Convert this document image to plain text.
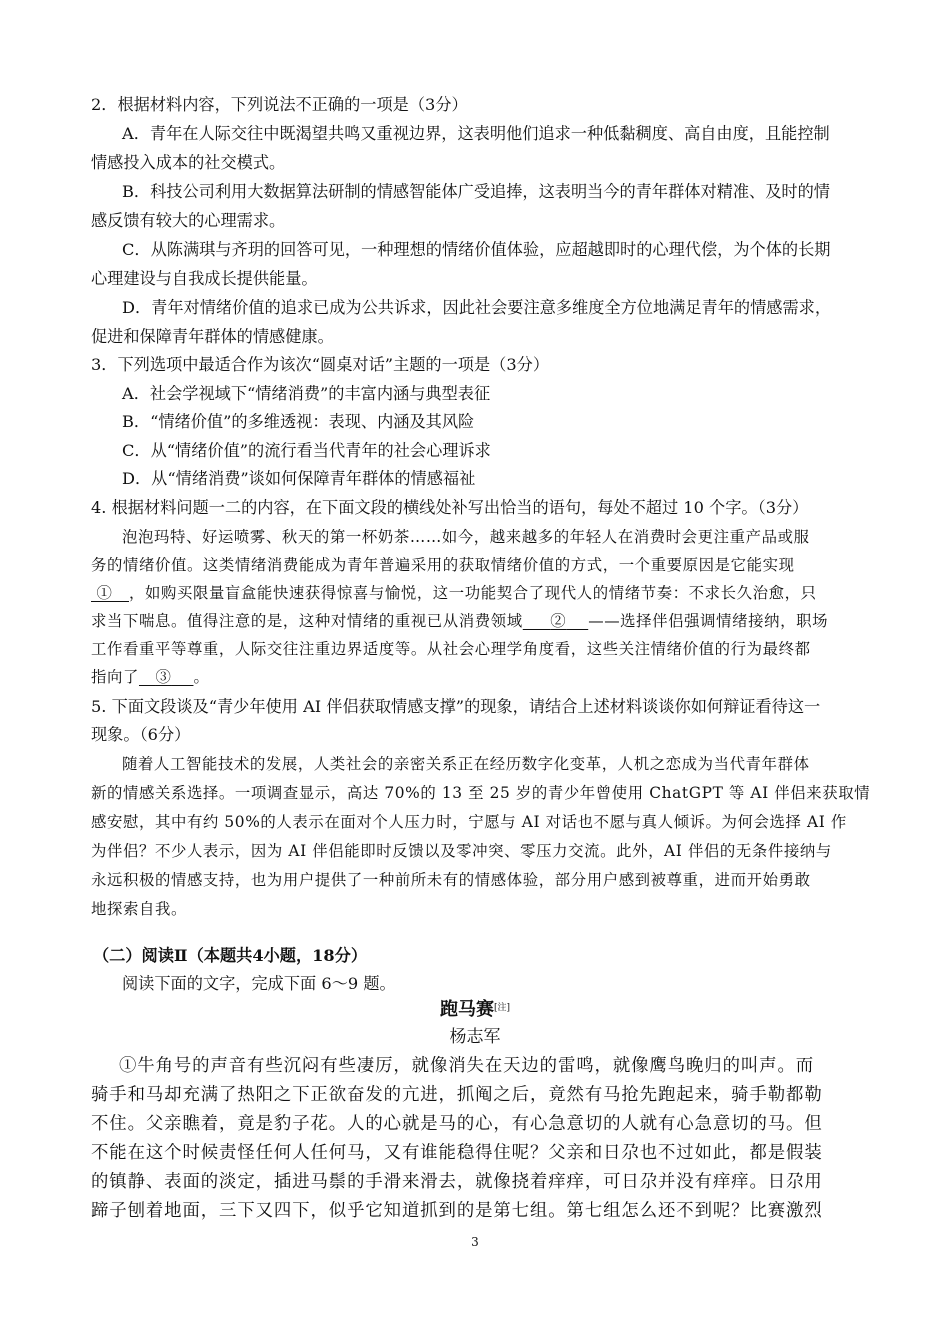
2．根据材料内容，下列说法不正确的一项是（3分）
A．青年在人际交往中既渴望共鸣又重视边界，这表明他们追求一种低黏稠度、高自由度，且能控制
情感投入成本的社交模式。
B．科技公司利用大数据算法研制的情感智能体广受追捧，这表明当今的青年群体对精准、及时的情
感反馈有较大的心理需求。
C．从陈满琪与齐玥的回答可见，一种理想的情绪价值体验，应超越即时的心理代偿，为个体的长期
心理建设与自我成长提供能量。
D．青年对情绪价值的追求已成为公共诉求，因此社会要注意多维度全方位地满足青年的情感需求，
促进和保障青年群体的情感健康。
3．下列选项中最适合作为该次“圆桌对话”主题的一项是（3分）
A．社会学视域下“情绪消费”的丰富内涵与典型表征
B．“情绪价值”的多维透视：表现、内涵及其风险
C．从“情绪价值”的流行看当代青年的社会心理诉求
D．从“情绪消费”谈如何保障青年群体的情感福祉
4. 根据材料问题一二的内容，在下面文段的横线处补写出恰当的语句，每处不超过 10 个字。（3分）
泡泡玛特、好运喷雾、秋天的第一杯奶茶……如今，越来越多的年轻人在消费时会更注重产品或服
务的情绪价值。这类情绪消费能成为青年普遍采用的获取情绪价值的方式，一个重要原因是它能实现
① ，如购买限量盲盒能快速获得惊喜与愉悦，这一功能契合了现代人的情绪节奏：不求长久治愈，只
求当下喘息。值得注意的是，这种对情绪的重视已从消费领域 ② ——选择伴侣强调情绪接纳，职场
工作看重平等尊重，人际交往注重边界适度等。从社会心理学角度看，这些关注情绪价值的行为最终都
指向了 ③ 。
5. 下面文段谈及“青少年使用 AI 伴侣获取情感支撑”的现象，请结合上述材料谈谈你如何辩证看待这一
现象。（6分）
随着人工智能技术的发展，人类社会的亲密关系正在经历数字化变革，人机之恋成为当代青年群体
新的情感关系选择。一项调查显示，高达 70%的 13 至 25 岁的青少年曾使用 ChatGPT 等 AI 伴侣来获取情
感安慰，其中有约 50%的人表示在面对个人压力时，宁愿与 AI 对话也不愿与真人倾诉。为何会选择 AI 作
为伴侣？不少人表示，因为 AI 伴侣能即时反馈以及零冲突、零压力交流。此外，AI 伴侣的无条件接纳与
永远积极的情感支持，也为用户提供了一种前所未有的情感体验，部分用户感到被尊重，进而开始勇敢
地探索自我。
（二）阅读Ⅱ（本题共4小题，18分）
阅读下面的文字，完成下面 6～9 题。
跑马赛[注]
杨志军
①牛角号的声音有些沉闷有些凄厉，就像消失在天边的雷鸣，就像鹰鸟晚归的叫声。而
骑手和马却充满了热阳之下正欲奋发的亢进，抓阄之后，竟然有马抢先跑起来，骑手勒都勒
不住。父亲瞧着，竟是豹子花。人的心就是马的心，有心急意切的人就有心急意切的马。但
不能在这个时候责怪任何人任何马，又有谁能稳得住呢？父亲和日尕也不过如此，都是假装
的镇静、表面的淡定，插进马鬃的手滑来滑去，就像挠着痒痒，可日尕并没有痒痒。日尕用
蹄子刨着地面，三下又四下，似乎它知道抓到的是第七组。第七组怎么还不到呢？比赛激烈
3
